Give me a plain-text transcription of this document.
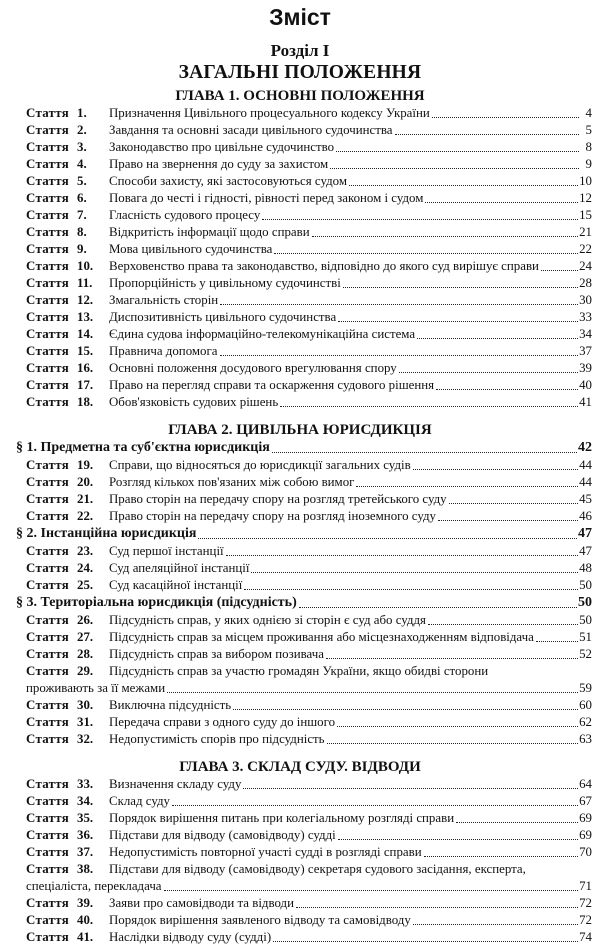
Зміст
Розділ I
ЗАГАЛЬНІ ПОЛОЖЕННЯ
ГЛАВА 1. ОСНОВНІ ПОЛОЖЕННЯ
Стаття 1.	Призначення Цивільного процесуального кодексу України	4
Стаття 2.	Завдання та основні засади цивільного судочинства	5
Стаття 3.	Законодавство про цивільне судочинство	8
Стаття 4.	Право на звернення до суду за захистом	9
Стаття 5.	Способи захисту, які застосовуються судом	10
Стаття 6.	Повага до честі і гідності, рівності перед законом і судом	12
Стаття 7.	Гласність судового процесу	15
Стаття 8.	Відкритість інформації щодо справи	21
Стаття 9.	Мова цивільного судочинства	22
Стаття 10.	Верховенство права та законодавство, відповідно до якого суд вирішує справи	24
Стаття 11.	Пропорційність у цивільному судочинстві	28
Стаття 12.	Змагальність сторін	30
Стаття 13.	Диспозитивність цивільного судочинства	33
Стаття 14.	Єдина судова інформаційно-телекомунікаційна система	34
Стаття 15.	Правнича допомога	37
Стаття 16.	Основні положення досудового врегулювання спору	39
Стаття 17.	Право на перегляд справи та оскарження судового рішення	40
Стаття 18.	Обов'язковість судових рішень	41
ГЛАВА 2. ЦИВІЛЬНА ЮРИСДИКЦІЯ
§ 1. Предметна та суб'єктна юрисдикція	42
Стаття 19.	Справи, що відносяться до юрисдикції загальних судів	44
Стаття 20.	Розгляд кількох пов'язаних між собою вимог	44
Стаття 21.	Право сторін на передачу спору на розгляд третейського суду	45
Стаття 22.	Право сторін на передачу спору на розгляд іноземного суду	46
§ 2. Інстанційна юрисдикція	47
Стаття 23.	Суд першої інстанції	47
Стаття 24.	Суд апеляційної інстанції	48
Стаття 25.	Суд касаційної інстанції	50
§ 3. Територіальна юрисдикція (підсудність)	50
Стаття 26.	Підсудність справ, у яких однією зі сторін є суд або суддя	50
Стаття 27.	Підсудність справ за місцем проживання або місцезнаходженням відповідача	51
Стаття 28.	Підсудність справ за вибором позивача	52
Стаття 29.	Підсудність справ за участю громадян України, якщо обидві сторони
проживають за її межами	59
Стаття 30.	Виключна підсудність	60
Стаття 31.	Передача справи з одного суду до іншого	62
Стаття 32.	Недопустимість спорів про підсудність	63
ГЛАВА 3. СКЛАД СУДУ. ВІДВОДИ
Стаття 33.	Визначення складу суду	64
Стаття 34.	Склад суду	67
Стаття 35.	Порядок вирішення питань при колегіальному розгляді справи	69
Стаття 36.	Підстави для відводу (самовідводу) судді	69
Стаття 37.	Недопустимість повторної участі судді в розгляді справи	70
Стаття 38.	Підстави для відводу (самовідводу) секретаря судового засідання, експерта,
спеціаліста, перекладача	71
Стаття 39.	Заяви про самовідводи та відводи	72
Стаття 40.	Порядок вирішення заявленого відводу та самовідводу	72
Стаття 41.	Наслідки відводу суду (судді)	74
